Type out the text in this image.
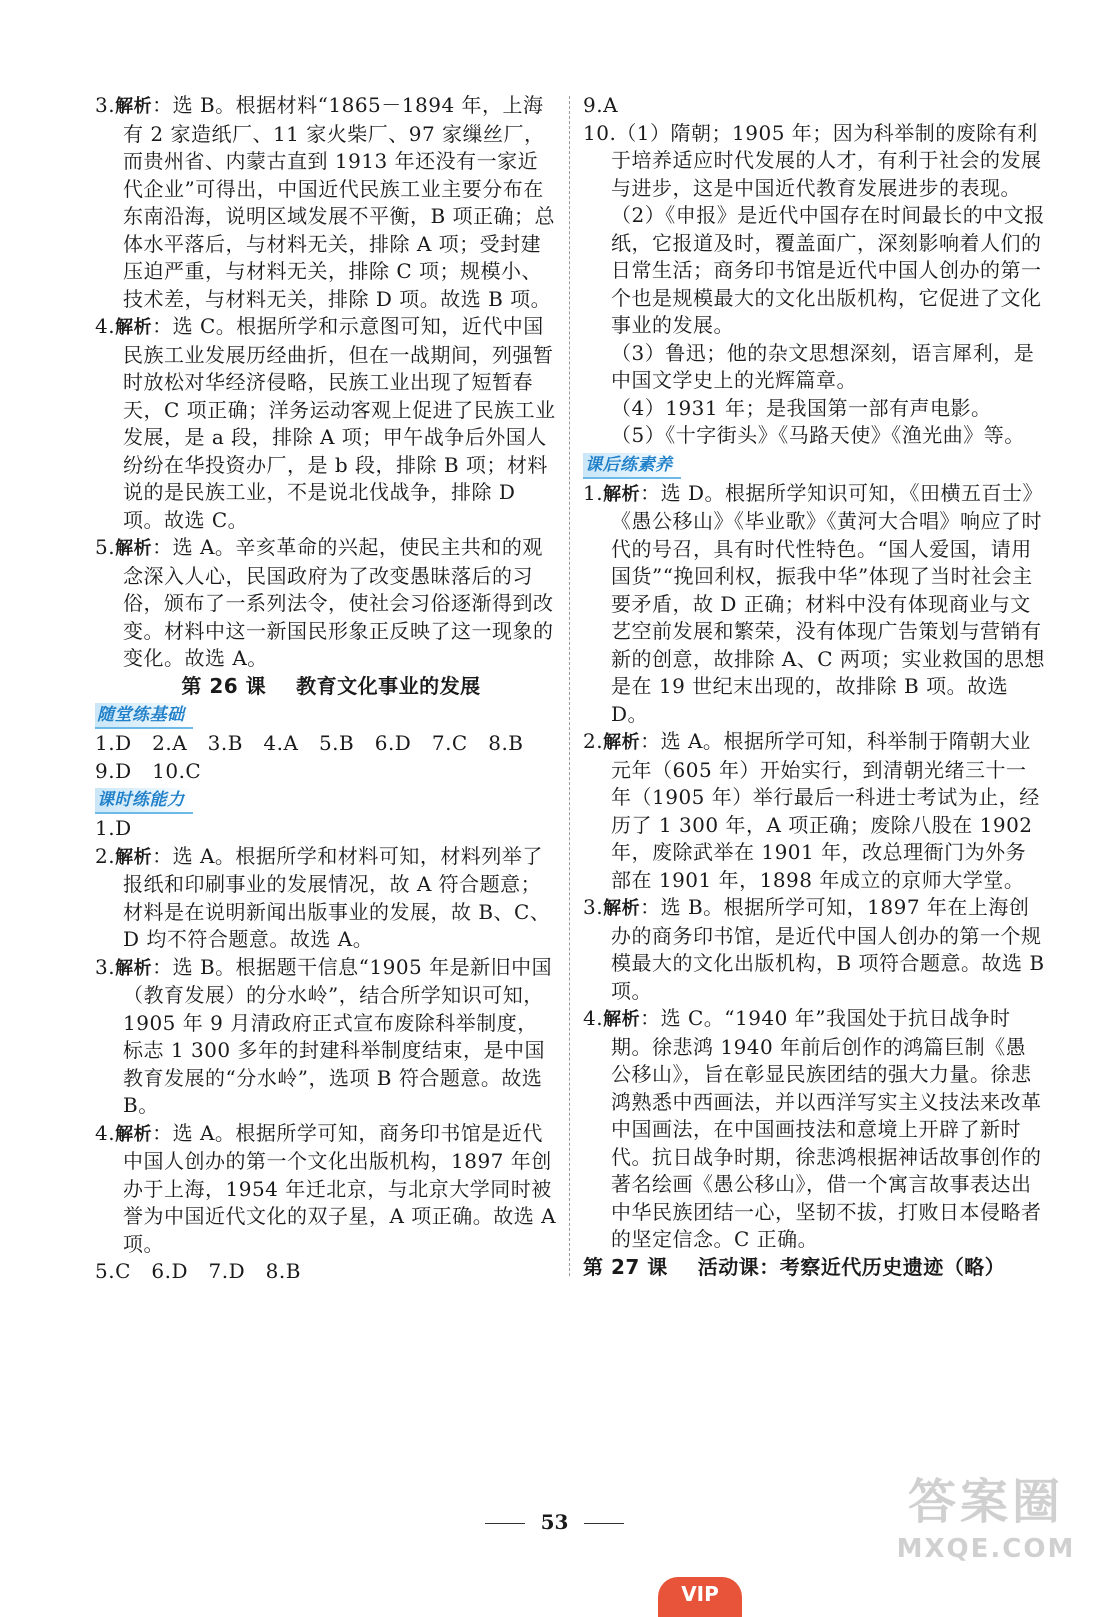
3.解析：选 B。根据材料“1865－1894 年，上海有 2 家造纸厂、11 家火柴厂、97 家缫丝厂，而贵州省、内蒙古直到 1913 年还没有一家近代企业”可得出，中国近代民族工业主要分布在东南沿海，说明区域发展不平衡，B 项正确；总体水平落后，与材料无关，排除 A 项；受封建压迫严重，与材料无关，排除 C 项；规模小、技术差，与材料无关，排除 D 项。故选 B 项。

4.解析：选 C。根据所学和示意图可知，近代中国民族工业发展历经曲折，但在一战期间，列强暂时放松对华经济侵略，民族工业出现了短暂春天，C 项正确；洋务运动客观上促进了民族工业发展，是 a 段，排除 A 项；甲午战争后外国人纷纷在华投资办厂，是 b 段，排除 B 项；材料说的是民族工业，不是说北伐战争，排除 D 项。故选 C。

5.解析：选 A。辛亥革命的兴起，使民主共和的观念深入人心，民国政府为了改变愚昧落后的习俗，颁布了一系列法令，使社会习俗逐渐得到改变。材料中这一新国民形象正反映了这一现象的变化。故选 A。

第 26 课 教育文化事业的发展

随堂练基础

1.D　2.A　3.B　4.A　5.B　6.D　7.C　8.B

9.D　10.C

课时练能力

1.D

2.解析：选 A。根据所学和材料可知，材料列举了报纸和印刷事业的发展情况，故 A 符合题意；材料是在说明新闻出版事业的发展，故 B、C、D 均不符合题意。故选 A。

3.解析：选 B。根据题干信息“1905 年是新旧中国（教育发展）的分水岭”，结合所学知识可知，1905 年 9 月清政府正式宣布废除科举制度，标志 1 300 多年的封建科举制度结束，是中国教育发展的“分水岭”，选项 B 符合题意。故选 B。

4.解析：选 A。根据所学可知，商务印书馆是近代中国人创办的第一个文化出版机构，1897 年创办于上海，1954 年迁北京，与北京大学同时被誉为中国近代文化的双子星，A 项正确。故选 A 项。

5.C　6.D　7.D　8.B

9.A

10.（1）隋朝；1905 年；因为科举制的废除有利于培养适应时代发展的人才，有利于社会的发展与进步，这是中国近代教育发展进步的表现。

（2）《申报》是近代中国存在时间最长的中文报纸，它报道及时，覆盖面广，深刻影响着人们的日常生活；商务印书馆是近代中国人创办的第一个也是规模最大的文化出版机构，它促进了文化事业的发展。

（3）鲁迅；他的杂文思想深刻，语言犀利，是中国文学史上的光辉篇章。

（4）1931 年；是我国第一部有声电影。

（5）《十字街头》《马路天使》《渔光曲》等。

课后练素养

1.解析：选 D。根据所学知识可知，《田横五百士》《愚公移山》《毕业歌》《黄河大合唱》响应了时代的号召，具有时代性特色。“国人爱国，请用国货”“挽回利权，振我中华”体现了当时社会主要矛盾，故 D 正确；材料中没有体现商业与文艺空前发展和繁荣，没有体现广告策划与营销有新的创意，故排除 A、C 两项；实业救国的思想是在 19 世纪末出现的，故排除 B 项。故选 D。

2.解析：选 A。根据所学可知，科举制于隋朝大业元年（605 年）开始实行，到清朝光绪三十一年（1905 年）举行最后一科进士考试为止，经历了 1 300 年，A 项正确；废除八股在 1902 年，废除武举在 1901 年，改总理衙门为外务部在 1901 年，1898 年成立的京师大学堂。

3.解析：选 B。根据所学可知，1897 年在上海创办的商务印书馆，是近代中国人创办的第一个规模最大的文化出版机构，B 项符合题意。故选 B 项。

4.解析：选 C。“1940 年”我国处于抗日战争时期。徐悲鸿 1940 年前后创作的鸿篇巨制《愚公移山》，旨在彰显民族团结的强大力量。徐悲鸿熟悉中西画法，并以西洋写实主义技法来改革中国画法，在中国画技法和意境上开辟了新时代。抗日战争时期，徐悲鸿根据神话故事创作的著名绘画《愚公移山》，借一个寓言故事表达出中华民族团结一心，坚韧不拔，打败日本侵略者的坚定信念。C 正确。

第 27 课 活动课：考察近代历史遗迹（略）

53
VIP
答案圈
MXQE.COM
